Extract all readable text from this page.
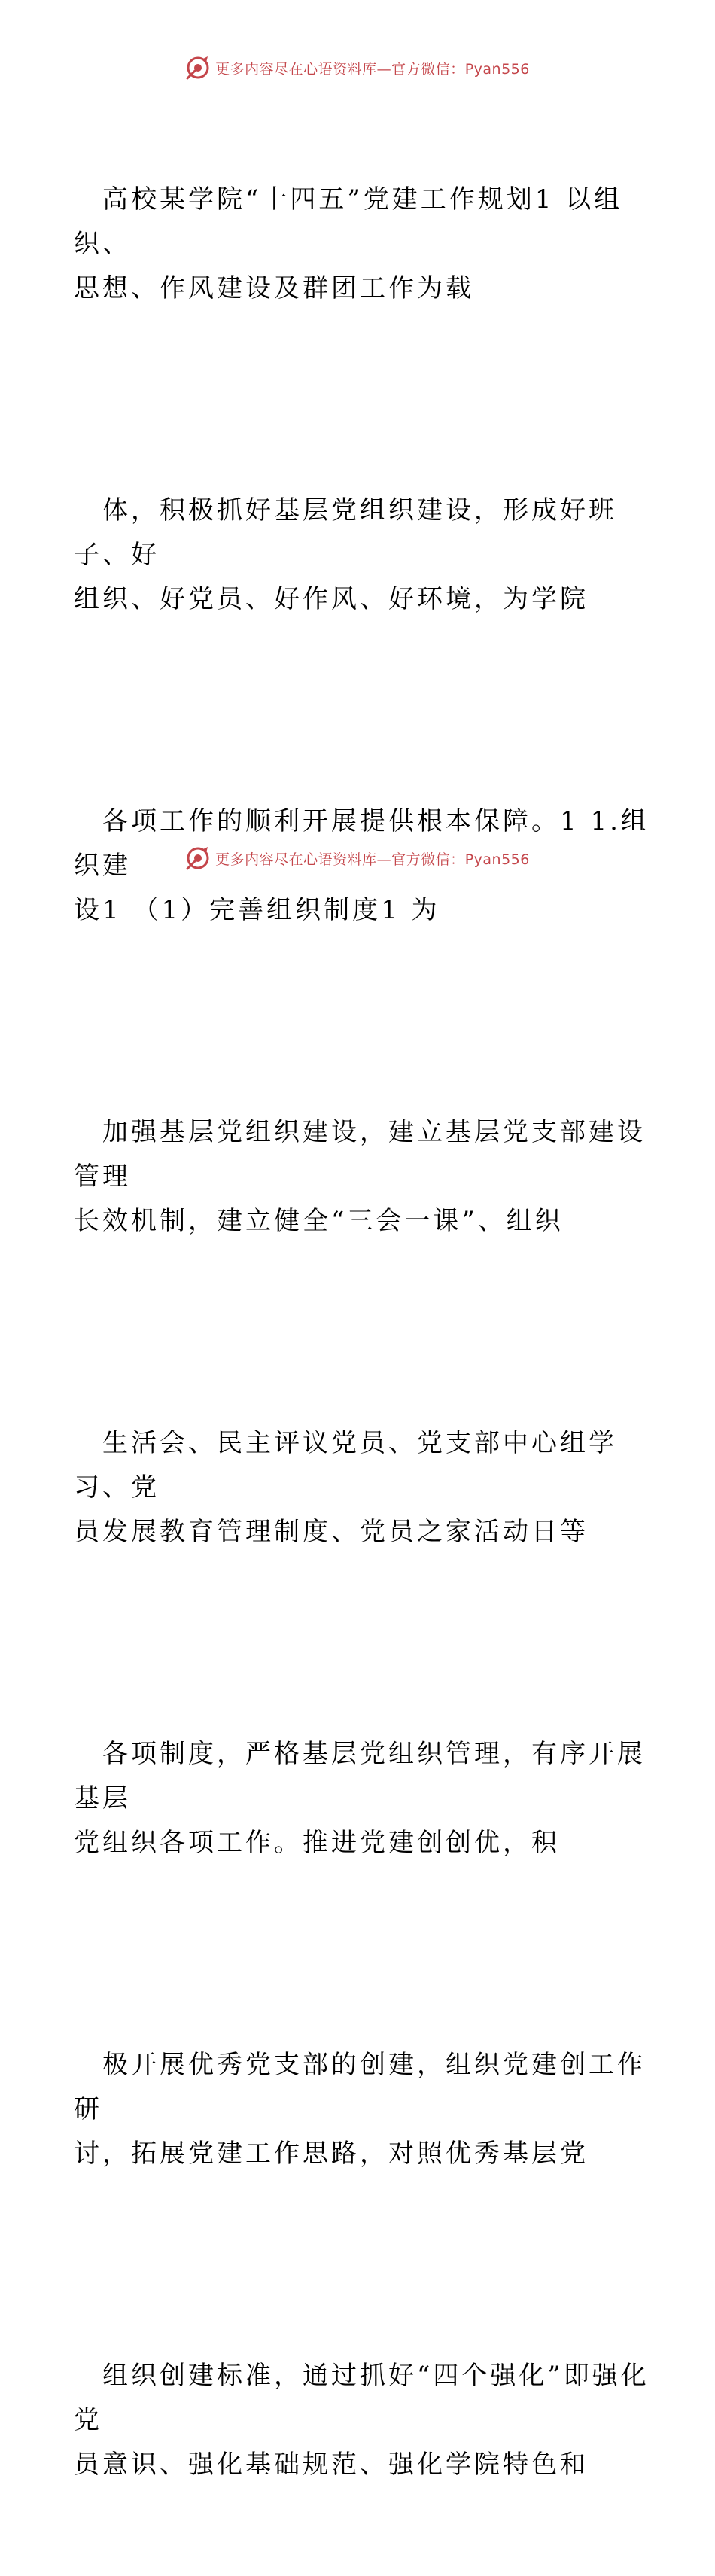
更多内容尽在心语资料库—官方微信：Pyan556

高校某学院“十四五”党建工作规划1 以组织、
思想、作风建设及群团工作为载

体，积极抓好基层党组织建设，形成好班子、好
组织、好党员、好作风、好环境，为学院

各项工作的顺利开展提供根本保障。1 1.组织建
设1 （1）完善组织制度1 为

加强基层党组织建设，建立基层党支部建设管理
长效机制，建立健全“三会一课”、组织

生活会、民主评议党员、党支部中心组学习、党
员发展教育管理制度、党员之家活动日等

各项制度，严格基层党组织管理，有序开展基层
党组织各项工作。推进党建创创优，积

极开展优秀党支部的创建，组织党建创工作研
讨，拓展党建工作思路，对照优秀基层党

组织创建标准，通过抓好“四个强化”即强化党
员意识、强化基础规范、强化学院特色和

更多内容尽在心语资料库—官方微信：Pyan556
